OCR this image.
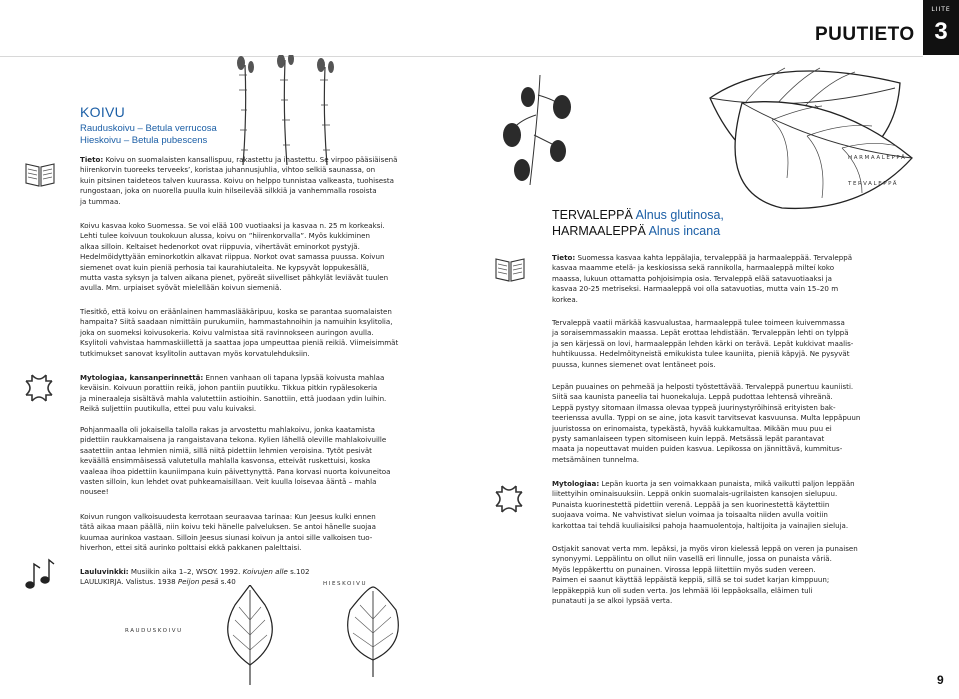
PUUTIETO
LIITE
3
HARMAALEPPÄ
TERVALEPPÄ
KOIVU
Rauduskoivu – Betula verrucosa
Hieskoivu – Betula pubescens
Tieto: Koivu on suomalaisten kansallispuu, rakastettu ja ihastettu. Se virpoo pääsiäisenä
hiirenkorvin tuoreeks terveeks’, koristaa juhannusjuhlia, vihtoo selkiä saunassa, on
kuin pitsinen taideteos talven kuurassa. Koivu on helppo tunnistaa valkeasta, tuohisesta
rungostaan, joka on nuorella puulla kuin hilseilevää silkkiä ja vanhemmalla rosoista
ja tummaa.
Koivu kasvaa koko Suomessa. Se voi elää 100 vuotiaaksi ja kasvaa n. 25 m korkeaksi.
Lehti tulee koivuun toukokuun alussa, koivu on ”hiirenkorvalla”. Myös kukkiminen
alkaa silloin. Keltaiset hedenorkot ovat riippuvia, vihertävät eminorkot pystyjä.
Hedelmöidyttyään eminorkotkin alkavat riippua. Norkot ovat samassa puussa. Koivun
siemenet ovat kuin pieniä perhosia tai kaurahiutaleita. Ne kypsyvät loppukesällä,
mutta vasta syksyn ja talven aikana pienet, pyöreät siivelliset pähkylät leviävät tuulen
avulla. Mm. urpiaiset syövät mielellään koivun siemeniä.
Tiesitkö, että koivu on eräänlainen hammaslääkäripuu, koska se parantaa suomalaisten
hampaita? Siitä saadaan nimittäin purukumiin, hammastahnoihin ja namuihin ksylitolia,
joka on suomeksi koivusokeria. Koivu valmistaa sitä ravinnokseen auringon avulla.
Ksylitoli vahvistaa hammaskiillettä ja saattaa jopa umpeuttaa pieniä reikiä. Viimeisimmät
tutkimukset sanovat ksylitolin auttavan myös korvatulehduksiin.
Mytologiaa, kansanperinnettä: Ennen vanhaan oli tapana lypsää koivusta mahlaa
keväisin. Koivuun porattiin reikä, johon pantiin puutikku. Tikkua pitkin rypälesokeria
ja mineraaleja sisältävä mahla valutettiin astioihin. Sanottiin, että juodaan ydin luihin.
Reikä suljettiin puutikulla, ettei puu valu kuivaksi.
Pohjanmaalla oli jokaisella talolla rakas ja arvostettu mahlakoivu, jonka kaatamista
pidettiin raukkamaisena ja rangaistavana tekona. Kylien lähellä oleville mahlakoivuille
saatettiin antaa lehmien nimiä, sillä niitä pidettiin lehmien veroisina. Tytöt pesivät
keväällä ensimmäisessä valutetulla mahlalla kasvonsa, etteivät ruskettuisi, koska
vaaleaa ihoa pidettiin kauniimpana kuin päivettynyttä. Pana korvasi nuorta koivuneitoa
vasten silloin, kun lehdet ovat puhkeamaisillaan. Veit kuulla loisevaa ääntä – mahla
nousee!
Koivun rungon valkoisuudesta kerrotaan seuraavaa tarinaa: Kun Jeesus kulki ennen
tätä aikaa maan päällä, niin koivu teki hänelle palveluksen. Se antoi hänelle suojaa
kuumaa aurinkoa vastaan. Silloin Jeesus siunasi koivun ja antoi sille valkoisen tuo-
hiverhon, ettei sitä aurinko polttaisi ekkä pakkanen palelttaisi.
Lauluvinkki: Musiikin aika 1–2, WSOY. 1992. Koivujen alle s.102
LAULUKIRJA. Valistus. 1938 Peijon pesä s.40
RAUDUSKOIVU
HIESKOIVU
TERVALEPPÄ Alnus glutinosa,
HARMAALEPPÄ Alnus incana
Tieto: Suomessa kasvaa kahta leppälajia, tervaleppää ja harmaaleppää. Tervaleppä
kasvaa maamme etelä- ja keskiosissa sekä rannikolla, harmaaleppä milteí koko
maassa, lukuun ottamatta pohjoisimpia osia. Tervaleppä elää satavuotiaaksi ja
kasvaa 20-25 metriseksi. Harmaaleppä voi olla satavuotias, mutta vain 15–20 m
korkea.
Tervaleppä vaatii märkää kasvualustaa, harmaaleppä tulee toimeen kuivemmassa
ja soraisemmassakin maassa. Lepät erottaa lehdistään. Tervaleppän lehti on tylppä
ja sen kärjessä on lovi, harmaaleppän lehden kärki on terävä. Lepät kukkivat maalis-
huhtikuussa. Hedelmöityneistä emikukista tulee kauniita, pieniä käpyjä. Ne pysyvät
puussa, kunnes siemenet ovat lentäneet pois.
Lepän puuaines on pehmeää ja helposti työstettävää. Tervaleppä punertuu kauniisti.
Siitä saa kaunista paneelia tai huonekaluja. Leppä pudottaa lehtensä vihreänä.
Leppä pystyy sitomaan ilmassa olevaa typpeä juurinystyröihinsä erityisten bak-
teerienssa avulla. Typpi on se aine, jota kasvit tarvitsevat kasvuunsa. Multa leppäpuun
juuristossa on erinomaista, typekästä, hyvää kukkamultaa. Mikään muu puu ei
pysty samanlaiseen typen sitomiseen kuin leppä. Metsässä lepät parantavat
maata ja nopeuttavat muiden puiden kasvua. Lepikossa on jännittävä, kummitus-
metsämäinen tunnelma.
Mytologiaa: Lepän kuorta ja sen voimakkaan punaista, mikä vaikutti paljon leppään
liitettyihin ominaisuuksiin. Leppä onkin suomalais-ugrilaisten kansojen sielupuu.
Punaista kuorinestettä pidettiin verenä. Leppää ja sen kuorinestettä käytettiin
suojaava voima. Ne vahvistivat sielun voimaa ja toisaalta niiden avulla voitiin
karkottaa tai tehdä kuuliaisiksi pahoja haamuolentoja, haltijoita ja vainajien sieluja.
Ostjakit sanovat verta mm. lepäksi, ja myös viron kielessä leppä on veren ja punaisen
synonyymi. Leppälintu on ollut niin vasellä eri linnulle, jossa on punaista väriä.
Myös leppäkerttu on punainen. Virossa leppä liitettiin myös suden vereen.
Paimen ei saanut käyttää leppäistä keppiä, sillä se toi sudet karjan kimppuun;
leppäkeppiä kun oli suden verta. Jos lehmää löi leppäoksalla, eläimen tuli
punatauti ja se alkoi lypsää verta.
9
